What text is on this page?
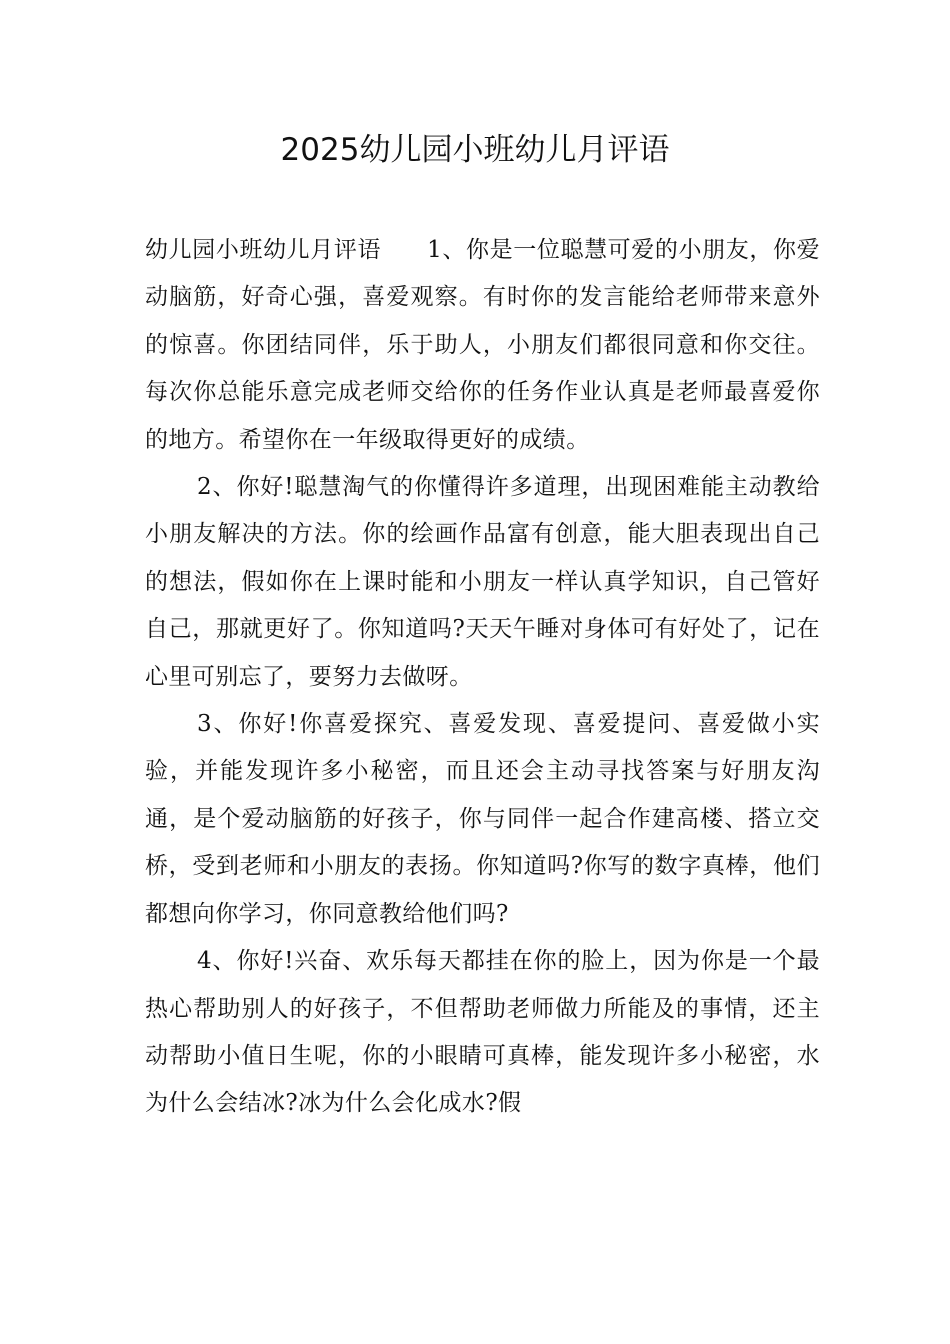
2025幼儿园小班幼儿月评语

幼儿园小班幼儿月评语 1、你是一位聪慧可爱的小朋友，你爱动脑筋，好奇心强，喜爱观察。有时你的发言能给老师带来意外的惊喜。你团结同伴，乐于助人，小朋友们都很同意和你交往。每次你总能乐意完成老师交给你的任务作业认真是老师最喜爱你的地方。希望你在一年级取得更好的成绩。

2、你好!聪慧淘气的你懂得许多道理，出现困难能主动教给小朋友解决的方法。你的绘画作品富有创意，能大胆表现出自己的想法，假如你在上课时能和小朋友一样认真学知识，自己管好自己，那就更好了。你知道吗?天天午睡对身体可有好处了，记在心里可别忘了，要努力去做呀。

3、你好!你喜爱探究、喜爱发现、喜爱提问、喜爱做小实验，并能发现许多小秘密，而且还会主动寻找答案与好朋友沟通，是个爱动脑筋的好孩子，你与同伴一起合作建高楼、搭立交桥，受到老师和小朋友的表扬。你知道吗?你写的数字真棒，他们都想向你学习，你同意教给他们吗?

4、你好!兴奋、欢乐每天都挂在你的脸上，因为你是一个最热心帮助别人的好孩子，不但帮助老师做力所能及的事情，还主动帮助小值日生呢，你的小眼睛可真棒，能发现许多小秘密，水为什么会结冰?冰为什么会化成水?假
